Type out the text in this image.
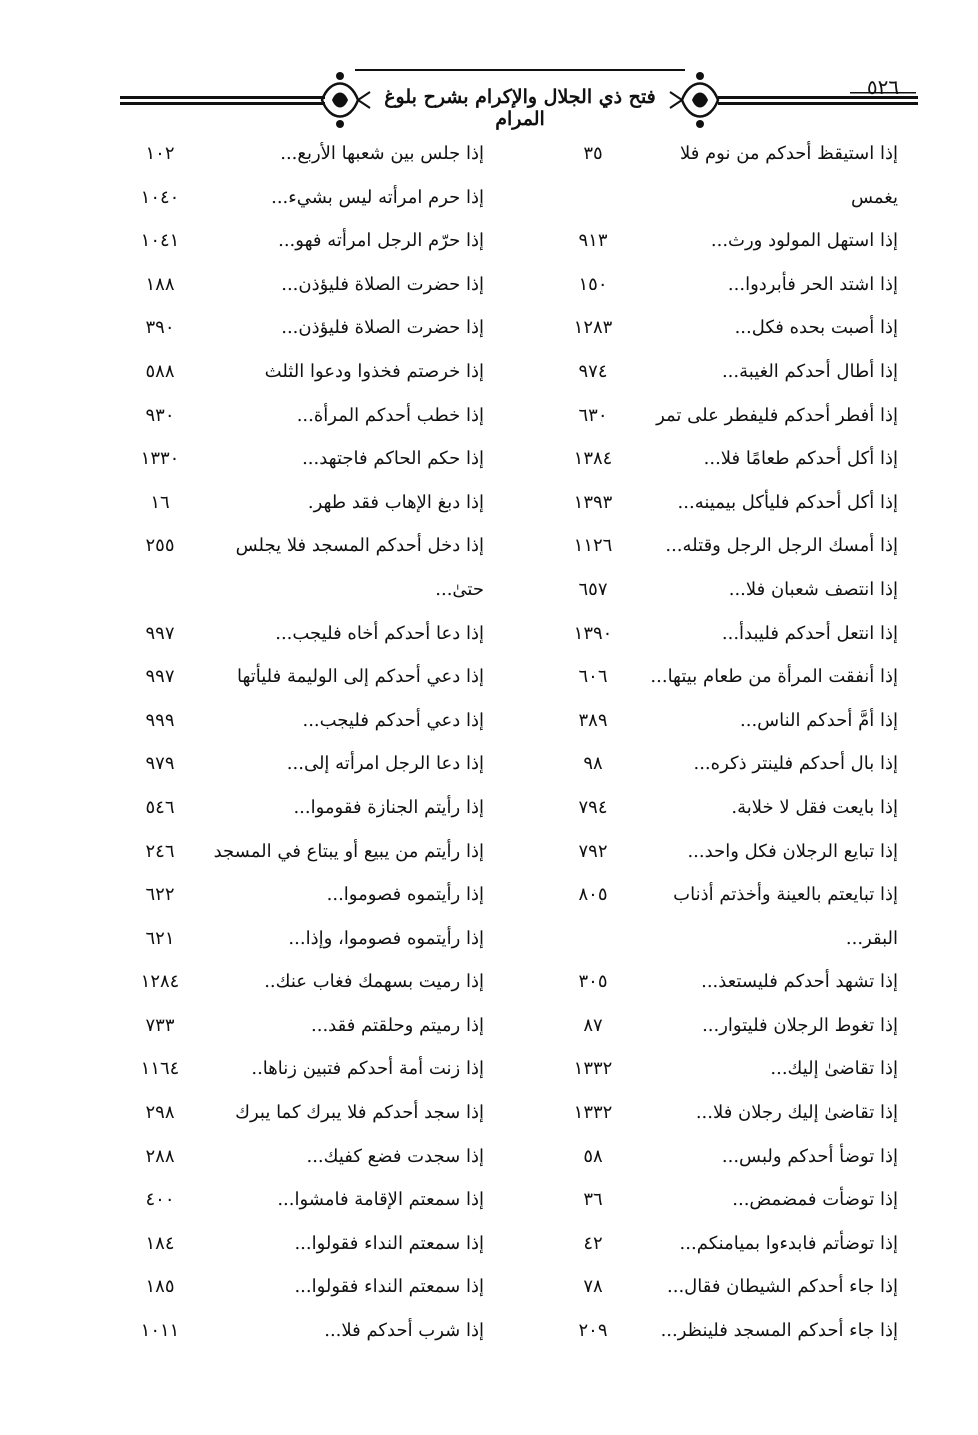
٥٢٦
فتح ذي الجلال والإكرام بشرح بلوغ المرام
إذا استيقظ أحدكم من نوم فلا
٣٥
يغمس
إذا استهل المولود ورث...
٩١٣
إذا اشتد الحر فأبردوا...
١٥٠
إذا أصبت بحده فكل...
١٢٨٣
إذا أطال أحدكم الغيبة...
٩٧٤
إذا أفطر أحدكم فليفطر على تمر
٦٣٠
إذا أكل أحدكم طعامًا فلا...
١٣٨٤
إذا أكل أحدكم فليأكل بيمينه...
١٣٩٣
إذا أمسك الرجل الرجل وقتله...
١١٢٦
إذا انتصف شعبان فلا...
٦٥٧
إذا انتعل أحدكم فليبدأ...
١٣٩٠
إذا أنفقت المرأة من طعام بيتها...
٦٠٦
إذا أمَّ أحدكم الناس...
٣٨٩
إذا بال أحدكم فلينتر ذكره...
٩٨
إذا بايعت فقل لا خلابة.
٧٩٤
إذا تبايع الرجلان فكل واحد...
٧٩٢
إذا تبايعتم بالعينة وأخذتم أذناب
٨٠٥
البقر...
إذا تشهد أحدكم فليستعذ...
٣٠٥
إذا تغوط الرجلان فليتوار...
٨٧
إذا تقاضىٰ إليك...
١٣٣٢
إذا تقاضىٰ إليك رجلان فلا...
١٣٣٢
إذا توضأ أحدكم ولبس...
٥٨
إذا توضأت فمضمض...
٣٦
إذا توضأتم فابدءوا بميامنكم...
٤٢
إذا جاء أحدكم الشيطان فقال...
٧٨
إذا جاء أحدكم المسجد فلينظر...
٢٠٩
إذا جلس بين شعبها الأربع...
١٠٢
إذا حرم امرأته ليس بشيء...
١٠٤٠
إذا حرّم الرجل امرأته فهو...
١٠٤١
إذا حضرت الصلاة فليؤذن...
١٨٨
إذا حضرت الصلاة فليؤذن...
٣٩٠
إذا خرصتم فخذوا ودعوا الثلث
٥٨٨
إذا خطب أحدكم المرأة...
٩٣٠
إذا حكم الحاكم فاجتهد...
١٣٣٠
إذا دبغ الإهاب فقد طهر.
١٦
إذا دخل أحدكم المسجد فلا يجلس
٢٥٥
حتىٰ...
إذا دعا أحدكم أخاه فليجب...
٩٩٧
إذا دعي أحدكم إلى الوليمة فليأتها
٩٩٧
إذا دعي أحدكم فليجب...
٩٩٩
إذا دعا الرجل امرأته إلى...
٩٧٩
إذا رأيتم الجنازة فقوموا...
٥٤٦
إذا رأيتم من يبيع أو يبتاع في المسجد
٢٤٦
إذا رأيتموه فصوموا...
٦٢٢
إذا رأيتموه فصوموا، وإذا...
٦٢١
إذا رميت بسهمك فغاب عنك..
١٢٨٤
إذا رميتم وحلقتم فقد...
٧٣٣
إذا زنت أمة أحدكم فتبين زناها..
١١٦٤
إذا سجد أحدكم فلا يبرك كما يبرك
٢٩٨
إذا سجدت فضع كفيك...
٢٨٨
إذا سمعتم الإقامة فامشوا...
٤٠٠
إذا سمعتم النداء فقولوا...
١٨٤
إذا سمعتم النداء فقولوا...
١٨٥
إذا شرب أحدكم فلا...
١٠١١
